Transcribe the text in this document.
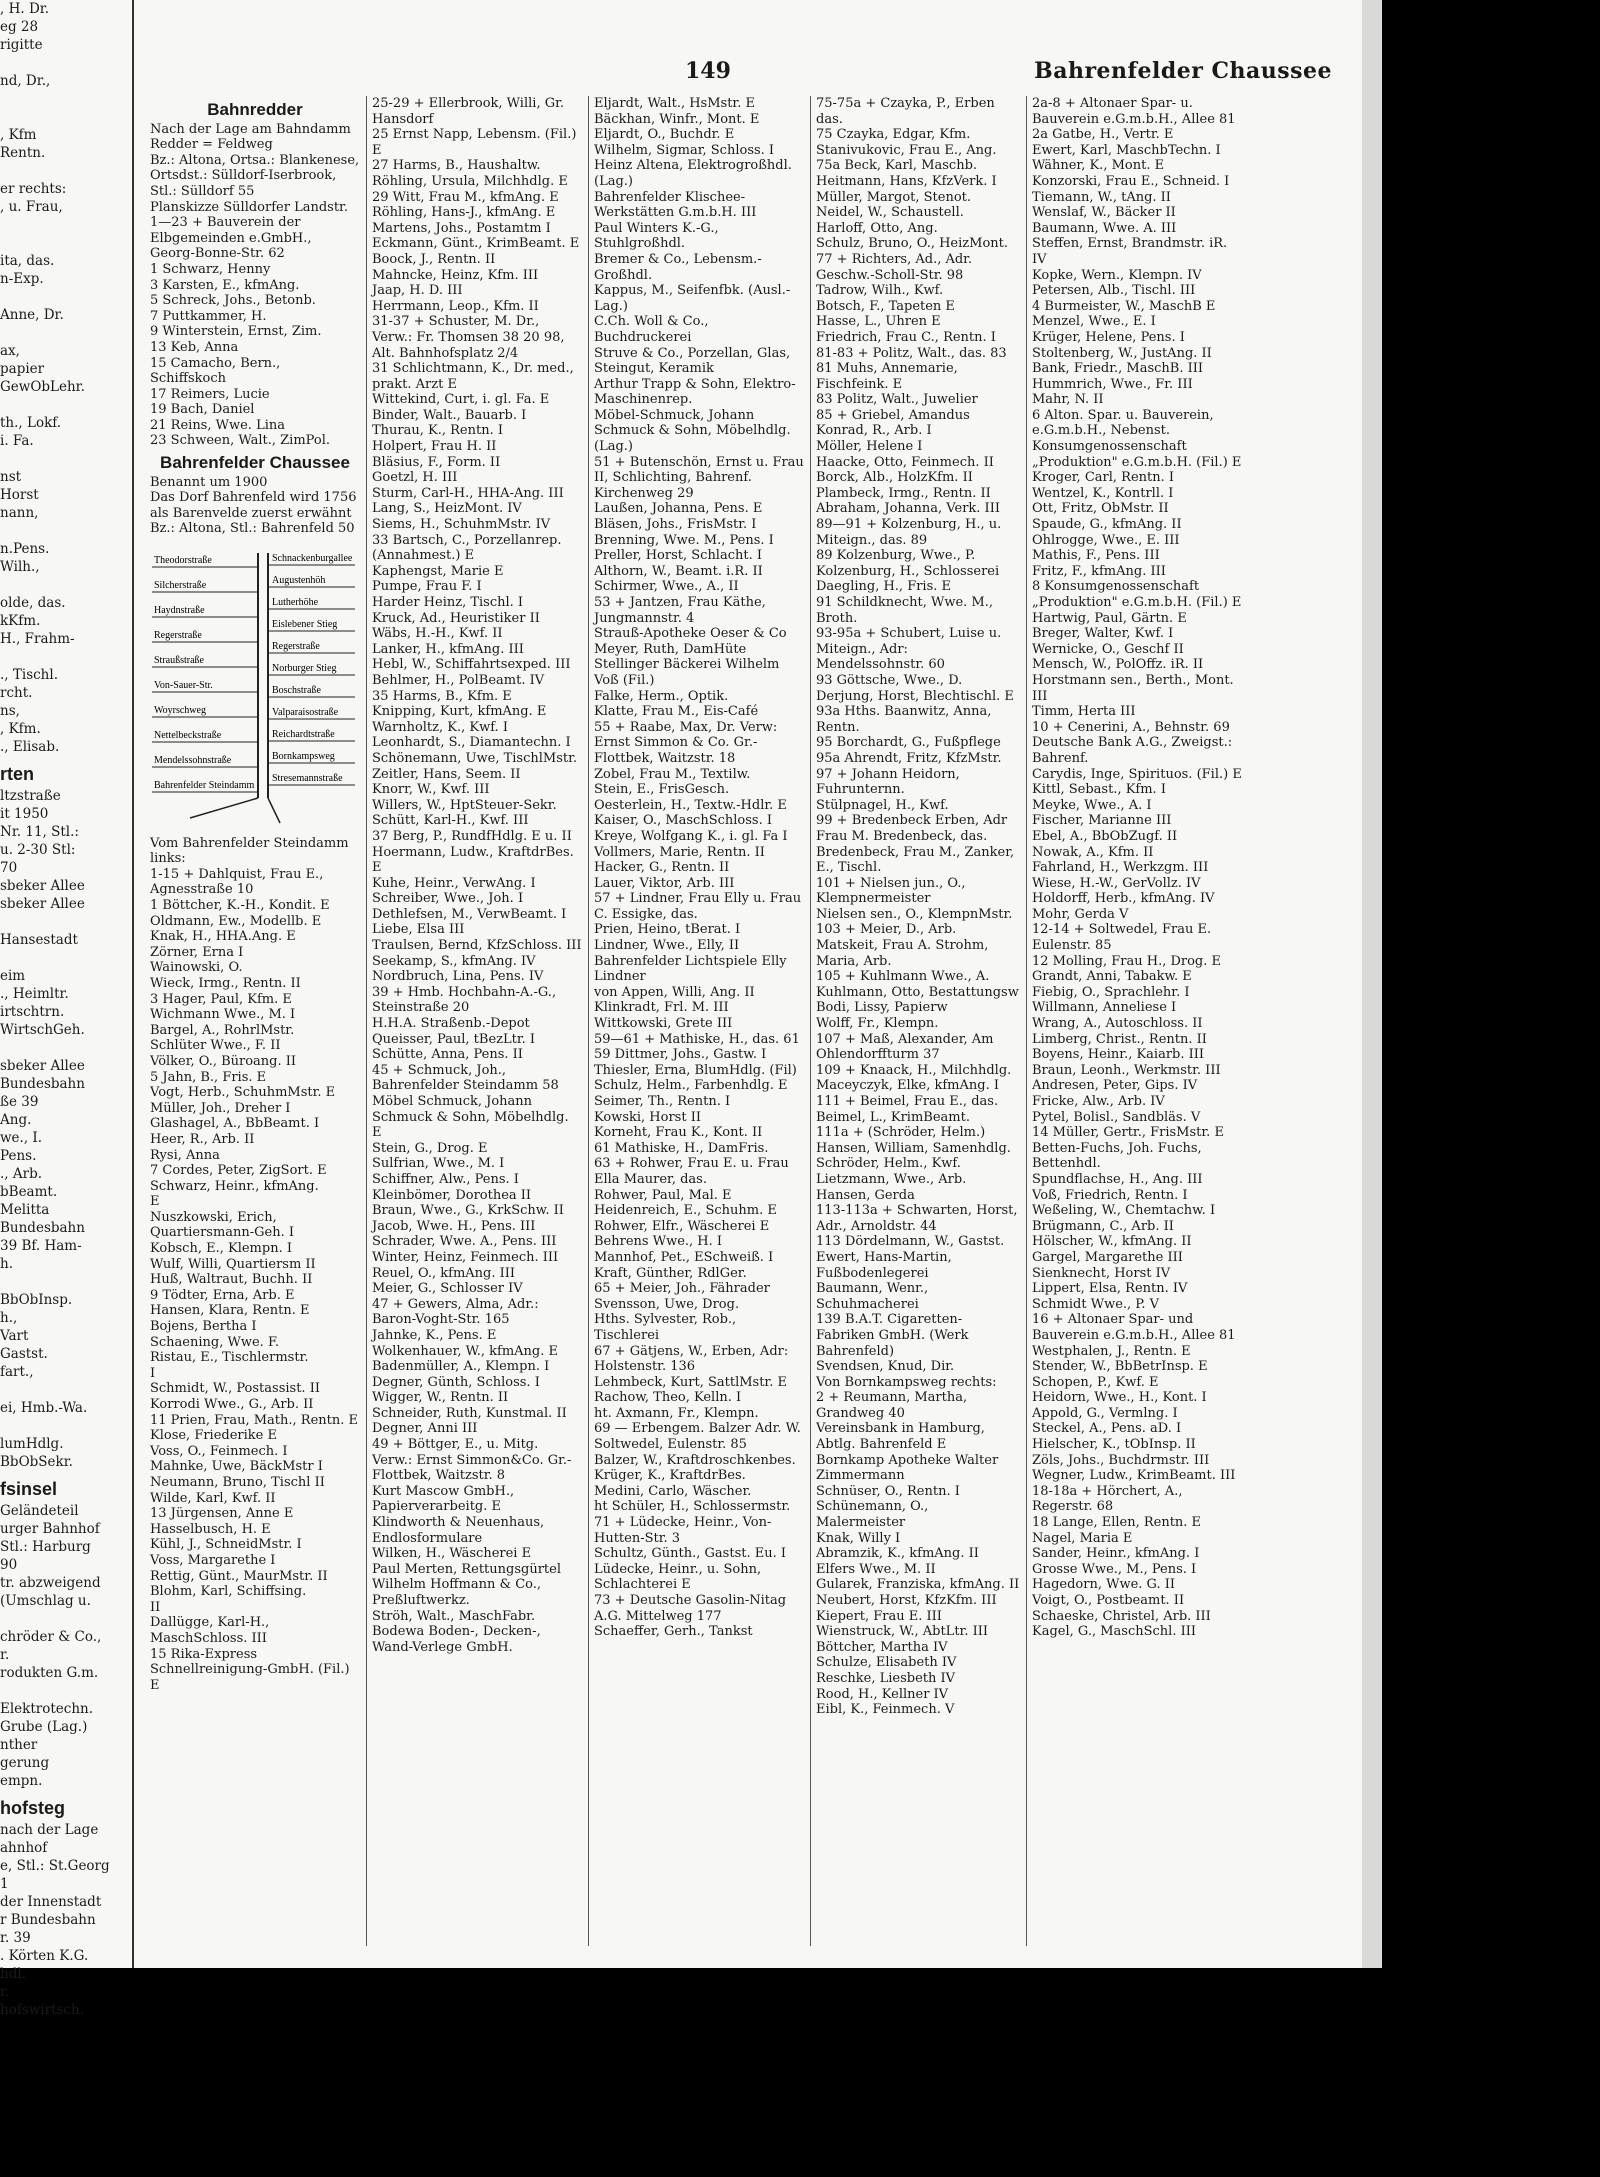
, H. Dr.
eg 28
rigitte

nd, Dr.,

, Kfm
Rentn.

er rechts:
, u. Frau,

ita, das.
n-Exp.

Anne, Dr.

ax,
papier
GewObLehr.

th., Lokf.
i. Fa.

nst
Horst
nann,

n.Pens.
Wilh.,

olde, das.
kKfm.
H., Frahm-

., Tischl.
rcht.
ns,
, Kfm.
., Elisab.
rten
ltzstraße
it 1950
Nr. 11, Stl.:
u. 2-30 Stl:
70
sbeker Allee
sbeker Allee

Hansestadt

eim
., Heimltr.
irtschtrn.
WirtschGeh.

sbeker Allee
Bundesbahn
ße 39
Ang.
we., I.
Pens.
., Arb.
bBeamt.
Melitta
Bundesbahn
39 Bf. Ham-
h.

BbObInsp.
h.,
Vart
Gastst.
fart.,

ei, Hmb.-Wa.

lumHdlg.
BbObSekr.
fsinsel
Geländeteil
urger Bahnhof
Stl.: Harburg
90
tr. abzweigend
(Umschlag u.

chröder & Co.,
r.
rodukten G.m.

Elektrotechn.
Grube (Lag.)
nther
gerung
empn.
hofsteg
nach der Lage
ahnhof
e, Stl.: St.Georg
1
der Innenstadt
r Bundesbahn
r. 39
. Körten K.G.
hdl.
r.
hofswirtsch.
149	Bahrenfelder Chaussee
Bahnredder
Nach der Lage am Bahndamm Redder = Feldweg
Bz.: Altona, Ortsa.: Blankenese, Ortsdst.: Sülldorf-Iserbrook, Stl.: Sülldorf 55
Planskizze Sülldorfer Landstr.
1—23 + Bauverein der Elbgemeinden e.GmbH., Georg-Bonne-Str. 62
1 Schwarz, Henny
3 Karsten, E., kfmAng.
5 Schreck, Johs., Betonb.
7 Puttkammer, H.
9 Winterstein, Ernst, Zim.
13 Keb, Anna
15 Camacho, Bern., Schiffskoch
17 Reimers, Lucie
19 Bach, Daniel
21 Reins, Wwe. Lina
23 Schween, Walt., ZimPol.
Bahrenfelder Chaussee
Benannt um 1900
Das Dorf Bahrenfeld wird 1756 als Barenvelde zuerst erwähnt
Bz.: Altona, Stl.: Bahrenfeld 50
Theodorstraße
Silcherstraße
Haydnstraße
Regerstraße
Straußstraße
Von-Sauer-Str.
Woyrschweg
Nettelbeckstraße
Mendelssohnstraße
Bahrenfelder Steindamm
Schnackenburgallee
Augustenhöh
Lutherhöhe
Eislebener Stieg
Regerstraße
Norburger Stieg
Boschstraße
Valparaisostraße
Reichardtstraße
Bornkampsweg
Stresemannstraße
Vom Bahrenfelder Steindamm links:
1-15 + Dahlquist, Frau E., Agnesstraße 10
1 Böttcher, K.-H., Kondit. E
Oldmann, Ew., Modellb. E
Knak, H., HHA.Ang. E
Zörner, Erna I
Wainowski, O.
Wieck, Irmg., Rentn. II
3 Hager, Paul, Kfm. E
Wichmann Wwe., M. I
Bargel, A., RohrlMstr.
Schlüter Wwe., F. II
Völker, O., Büroang. II
5 Jahn, B., Fris. E
Vogt, Herb., SchuhmMstr. E
Müller, Joh., Dreher I
Glashagel, A., BbBeamt. I
Heer, R., Arb. II
Rysi, Anna
7 Cordes, Peter, ZigSort. E
Schwarz, Heinr., kfmAng.
E
Nuszkowski, Erich, Quartiersmann-Geh. I
Kobsch, E., Klempn. I
Wulf, Willi, Quartiersm II
Huß, Waltraut, Buchh. II
9 Tödter, Erna, Arb. E
Hansen, Klara, Rentn. E
Bojens, Bertha I
Schaening, Wwe. F.
Ristau, E., Tischlermstr.
I
Schmidt, W., Postassist. II
Korrodi Wwe., G., Arb. II
11 Prien, Frau, Math., Rentn. E
Klose, Friederike E
Voss, O., Feinmech. I
Mahnke, Uwe, BäckMstr I
Neumann, Bruno, Tischl II
Wilde, Karl, Kwf. II
13 Jürgensen, Anne E
Hasselbusch, H. E
Kühl, J., SchneidMstr. I
Voss, Margarethe I
Rettig, Günt., MaurMstr. II
Blohm, Karl, Schiffsing.
II
Dallügge, Karl-H., MaschSchloss. III
15 Rika-Express Schnellreinigung-GmbH. (Fil.) E
25-29 + Ellerbrook, Willi, Gr. Hansdorf
25 Ernst Napp, Lebensm. (Fil.) E
27 Harms, B., Haushaltw.
Röhling, Ursula, Milchhdlg. E
29 Witt, Frau M., kfmAng. E
Röhling, Hans-J., kfmAng. E
Martens, Johs., Postamtm I
Eckmann, Günt., KrimBeamt. E
Boock, J., Rentn. II
Mahncke, Heinz, Kfm. III
Jaap, H. D. III
Herrmann, Leop., Kfm. II
31-37 + Schuster, M. Dr., Verw.: Fr. Thomsen 38 20 98, Alt. Bahnhofsplatz 2/4
31 Schlichtmann, K., Dr. med., prakt. Arzt E
Wittekind, Curt, i. gl. Fa. E
Binder, Walt., Bauarb. I
Thurau, K., Rentn. I
Holpert, Frau H. II
Bläsius, F., Form. II
Goetzl, H. III
Sturm, Carl-H., HHA-Ang. III
Lang, S., HeizMont. IV
Siems, H., SchuhmMstr. IV
33 Bartsch, C., Porzellanrep. (Annahmest.) E
Kaphengst, Marie E
Pumpe, Frau F. I
Harder Heinz, Tischl. I
Kruck, Ad., Heuristiker II
Wäbs, H.-H., Kwf. II
Lanker, H., kfmAng. III
Hebl, W., Schiffahrtsexped. III
Behlmer, H., PolBeamt. IV
35 Harms, B., Kfm. E
Knipping, Kurt, kfmAng. E
Warnholtz, K., Kwf. I
Leonhardt, S., Diamantechn. I
Schönemann, Uwe, TischlMstr.
Zeitler, Hans, Seem. II
Knorr, W., Kwf. III
Willers, W., HptSteuer-Sekr.
Schütt, Karl-H., Kwf. III
37 Berg, P., RundfHdlg. E u. II
Hoermann, Ludw., KraftdrBes. E
Kuhe, Heinr., VerwAng. I
Schreiber, Wwe., Joh. I
Dethlefsen, M., VerwBeamt. I
Liebe, Elsa III
Traulsen, Bernd, KfzSchloss. III
Seekamp, S., kfmAng. IV
Nordbruch, Lina, Pens. IV
39 + Hmb. Hochbahn-A.-G., Steinstraße 20
H.H.A. Straßenb.-Depot
Queisser, Paul, tBezLtr. I
Schütte, Anna, Pens. II
45 + Schmuck, Joh., Bahrenfelder Steindamm 58
Möbel Schmuck, Johann Schmuck & Sohn, Möbelhdlg. E
Stein, G., Drog. E
Sulfrian, Wwe., M. I
Schiffner, Alw., Pens. I
Kleinbömer, Dorothea II
Braun, Wwe., G., KrkSchw. II
Jacob, Wwe. H., Pens. III
Schrader, Wwe. A., Pens. III
Winter, Heinz, Feinmech. III
Reuel, O., kfmAng. III
Meier, G., Schlosser IV
47 + Gewers, Alma, Adr.: Baron-Voght-Str. 165
Jahnke, K., Pens. E
Wolkenhauer, W., kfmAng. E
Badenmüller, A., Klempn. I
Degner, Günth, Schloss. I
Wigger, W., Rentn. II
Schneider, Ruth, Kunstmal. II
Degner, Anni III
49 + Böttger, E., u. Mitg. Verw.: Ernst Simmon&Co. Gr.-Flottbek, Waitzstr. 8
Kurt Mascow GmbH., Papierverarbeitg. E
Klindworth & Neuenhaus, Endlosformulare
Wilken, H., Wäscherei E
Paul Merten, Rettungsgürtel
Wilhelm Hoffmann & Co., Preßluftwerkz.
Ströh, Walt., MaschFabr.
Bodewa Boden-, Decken-, Wand-Verlege GmbH.
Eljardt, Walt., HsMstr. E
Bäckhan, Winfr., Mont. E
Eljardt, O., Buchdr. E
Wilhelm, Sigmar, Schloss. I
Heinz Altena, Elektrogroßhdl. (Lag.)
Bahrenfelder Klischee-Werkstätten G.m.b.H. III
Paul Winters K.-G., Stuhlgroßhdl.
Bremer & Co., Lebensm.-Großhdl.
Kappus, M., Seifenfbk. (Ausl.-Lag.)
C.Ch. Woll & Co., Buchdruckerei
Struve & Co., Porzellan, Glas, Steingut, Keramik
Arthur Trapp & Sohn, Elektro-Maschinenrep.
Möbel-Schmuck, Johann Schmuck & Sohn, Möbelhdlg. (Lag.)
51 + Butenschön, Ernst u. Frau II, Schlichting, Bahrenf. Kirchenweg 29
Laußen, Johanna, Pens. E
Bläsen, Johs., FrisMstr. I
Brenning, Wwe. M., Pens. I
Preller, Horst, Schlacht. I
Althorn, W., Beamt. i.R. II
Schirmer, Wwe., A., II
53 + Jantzen, Frau Käthe, Jungmannstr. 4
Strauß-Apotheke Oeser & Co
Meyer, Ruth, DamHüte
Stellinger Bäckerei Wilhelm Voß (Fil.)
Falke, Herm., Optik.
Klatte, Frau M., Eis-Café
55 + Raabe, Max, Dr. Verw: Ernst Simmon & Co. Gr.-Flottbek, Waitzstr. 18
Zobel, Frau M., Textilw.
Stein, E., FrisGesch.
Oesterlein, H., Textw.-Hdlr. E
Kaiser, O., MaschSchloss. I
Kreye, Wolfgang K., i. gl. Fa I
Vollmers, Marie, Rentn. II
Hacker, G., Rentn. II
Lauer, Viktor, Arb. III
57 + Lindner, Frau Elly u. Frau C. Essigke, das.
Prien, Heino, tBerat. I
Lindner, Wwe., Elly, II
Bahrenfelder Lichtspiele Elly Lindner
von Appen, Willi, Ang. II
Klinkradt, Frl. M. III
Wittkowski, Grete III
59—61 + Mathiske, H., das. 61
59 Dittmer, Johs., Gastw. I
Thiesler, Erna, BlumHdlg. (Fil)
Schulz, Helm., Farbenhdlg. E
Seimer, Th., Rentn. I
Kowski, Horst II
Korneht, Frau K., Kont. II
61 Mathiske, H., DamFris.
63 + Rohwer, Frau E. u. Frau Ella Maurer, das.
Rohwer, Paul, Mal. E
Heidenreich, E., Schuhm. E
Rohwer, Elfr., Wäscherei E
Behrens Wwe., H. I
Mannhof, Pet., ESchweiß. I
Kraft, Günther, RdlGer.
65 + Meier, Joh., Fährader
Svensson, Uwe, Drog.
Hths. Sylvester, Rob., Tischlerei
67 + Gätjens, W., Erben, Adr: Holstenstr. 136
Lehmbeck, Kurt, SattlMstr. E
Rachow, Theo, Kelln. I
ht. Axmann, Fr., Klempn.
69 — Erbengem. Balzer Adr. W. Soltwedel, Eulenstr. 85
Balzer, W., Kraftdroschkenbes.
Krüger, K., KraftdrBes.
Medini, Carlo, Wäscher.
ht Schüler, H., Schlossermstr.
71 + Lüdecke, Heinr., Von-Hutten-Str. 3
Schultz, Günth., Gastst. Eu. I
Lüdecke, Heinr., u. Sohn, Schlachterei E
73 + Deutsche Gasolin-Nitag A.G. Mittelweg 177
Schaeffer, Gerh., Tankst
75-75a + Czayka, P., Erben das.
75 Czayka, Edgar, Kfm.
Stanivukovic, Frau E., Ang.
75a Beck, Karl, Maschb.
Heitmann, Hans, KfzVerk. I
Müller, Margot, Stenot.
Neidel, W., Schaustell.
Harloff, Otto, Ang.
Schulz, Bruno, O., HeizMont.
77 + Richters, Ad., Adr. Geschw.-Scholl-Str. 98
Tadrow, Wilh., Kwf.
Botsch, F., Tapeten E
Hasse, L., Uhren E
Friedrich, Frau C., Rentn. I
81-83 + Politz, Walt., das. 83
81 Muhs, Annemarie, Fischfeink. E
83 Politz, Walt., Juwelier
85 + Griebel, Amandus
Konrad, R., Arb. I
Möller, Helene I
Haacke, Otto, Feinmech. II
Borck, Alb., HolzKfm. II
Plambeck, Irmg., Rentn. II
Abraham, Johanna, Verk. III
89—91 + Kolzenburg, H., u. Miteign., das. 89
89 Kolzenburg, Wwe., P. Kolzenburg, H., Schlosserei
Daegling, H., Fris. E
91 Schildknecht, Wwe. M., Broth.
93-95a + Schubert, Luise u. Miteign., Adr: Mendelssohnstr. 60
93 Göttsche, Wwe., D. Derjung, Horst, Blechtischl. E
93a Hths. Baanwitz, Anna, Rentn.
95 Borchardt, G., Fußpflege
95a Ahrendt, Fritz, KfzMstr.
97 + Johann Heidorn, Fuhrunternn.
Stülpnagel, H., Kwf.
99 + Bredenbeck Erben, Adr Frau M. Bredenbeck, das.
Bredenbeck, Frau M., Zanker, E., Tischl.
101 + Nielsen jun., O., Klempnermeister
Nielsen sen., O., KlempnMstr.
103 + Meier, D., Arb. Matskeit, Frau A. Strohm, Maria, Arb.
105 + Kuhlmann Wwe., A. Kuhlmann, Otto, Bestattungsw
Bodi, Lissy, Papierw
Wolff, Fr., Klempn.
107 + Maß, Alexander, Am Ohlendorffturm 37
109 + Knaack, H., Milchhdlg.
Maceyczyk, Elke, kfmAng. I
111 + Beimel, Frau E., das. Beimel, L., KrimBeamt.
111a + (Schröder, Helm.) Hansen, William, Samenhdlg.
Schröder, Helm., Kwf.
Lietzmann, Wwe., Arb.
Hansen, Gerda
113-113a + Schwarten, Horst, Adr., Arnoldstr. 44
113 Dördelmann, W., Gastst.
Ewert, Hans-Martin, Fußbodenlegerei
Baumann, Wenr., Schuhmacherei
139 B.A.T. Cigaretten-Fabriken GmbH. (Werk Bahrenfeld)
Svendsen, Knud, Dir.
Von Bornkampsweg rechts:
2 + Reumann, Martha, Grandweg 40
Vereinsbank in Hamburg, Abtlg. Bahrenfeld E
Bornkamp Apotheke Walter Zimmermann
Schnüser, O., Rentn. I
Schünemann, O., Malermeister
Knak, Willy I
Abramzik, K., kfmAng. II
Elfers Wwe., M. II
Gularek, Franziska, kfmAng. II
Neubert, Horst, KfzKfm. III
Kiepert, Frau E. III
Wienstruck, W., AbtLtr. III
Böttcher, Martha IV
Schulze, Elisabeth IV
Reschke, Liesbeth IV
Rood, H., Kellner IV
Eibl, K., Feinmech. V
2a-8 + Altonaer Spar- u. Bauverein e.G.m.b.H., Allee 81
2a Gatbe, H., Vertr. E
Ewert, Karl, MaschbTechn. I
Wähner, K., Mont. E
Konzorski, Frau E., Schneid. I
Tiemann, W., tAng. II
Wenslaf, W., Bäcker II
Baumann, Wwe. A. III
Steffen, Ernst, Brandmstr. iR. IV
Kopke, Wern., Klempn. IV
Petersen, Alb., Tischl. III
4 Burmeister, W., MaschB E
Menzel, Wwe., E. I
Krüger, Helene, Pens. I
Stoltenberg, W., JustAng. II
Bank, Friedr., MaschB. III
Hummrich, Wwe., Fr. III
Mahr, N. II
6 Alton. Spar. u. Bauverein, e.G.m.b.H., Nebenst.
Konsumgenossenschaft „Produktion" e.G.m.b.H. (Fil.) E
Kroger, Carl, Rentn. I
Wentzel, K., Kontrll. I
Ott, Fritz, ObMstr. II
Spaude, G., kfmAng. II
Ohlrogge, Wwe., E. III
Mathis, F., Pens. III
Fritz, F., kfmAng. III
8 Konsumgenossenschaft „Produktion" e.G.m.b.H. (Fil.) E
Hartwig, Paul, Gärtn. E
Breger, Walter, Kwf. I
Wernicke, O., Geschf II
Mensch, W., PolOffz. iR. II
Horstmann sen., Berth., Mont. III
Timm, Herta III
10 + Cenerini, A., Behnstr. 69
Deutsche Bank A.G., Zweigst.: Bahrenf.
Carydis, Inge, Spirituos. (Fil.) E
Kittl, Sebast., Kfm. I
Meyke, Wwe., A. I
Fischer, Marianne III
Ebel, A., BbObZugf. II
Nowak, A., Kfm. II
Fahrland, H., Werkzgm. III
Wiese, H.-W., GerVollz. IV
Holdorff, Herb., kfmAng. IV
Mohr, Gerda V
12-14 + Soltwedel, Frau E. Eulenstr. 85
12 Molling, Frau H., Drog. E
Grandt, Anni, Tabakw. E
Fiebig, O., Sprachlehr. I
Willmann, Anneliese I
Wrang, A., Autoschloss. II
Limberg, Christ., Rentn. II
Boyens, Heinr., Kaiarb. III
Braun, Leonh., Werkmstr. III
Andresen, Peter, Gips. IV
Fricke, Alw., Arb. IV
Pytel, Bolisl., Sandbläs. V
14 Müller, Gertr., FrisMstr. E
Betten-Fuchs, Joh. Fuchs, Bettenhdl.
Spundflachse, H., Ang. III
Voß, Friedrich, Rentn. I
Weßeling, W., Chemtachw. I
Brügmann, C., Arb. II
Hölscher, W., kfmAng. II
Gargel, Margarethe III
Sienknecht, Horst IV
Lippert, Elsa, Rentn. IV
Schmidt Wwe., P. V
16 + Altonaer Spar- und Bauverein e.G.m.b.H., Allee 81
Westphalen, J., Rentn. E
Stender, W., BbBetrInsp. E
Schopen, P., Kwf. E
Heidorn, Wwe., H., Kont. I
Appold, G., Vermlng. I
Steckel, A., Pens. aD. I
Hielscher, K., tObInsp. II
Zöls, Johs., Buchdrmstr. III
Wegner, Ludw., KrimBeamt. III
18-18a + Hörchert, A., Regerstr. 68
18 Lange, Ellen, Rentn. E
Nagel, Maria E
Sander, Heinr., kfmAng. I
Grosse Wwe., M., Pens. I
Hagedorn, Wwe. G. II
Voigt, O., Postbeamt. II
Schaeske, Christel, Arb. III
Kagel, G., MaschSchl. III
